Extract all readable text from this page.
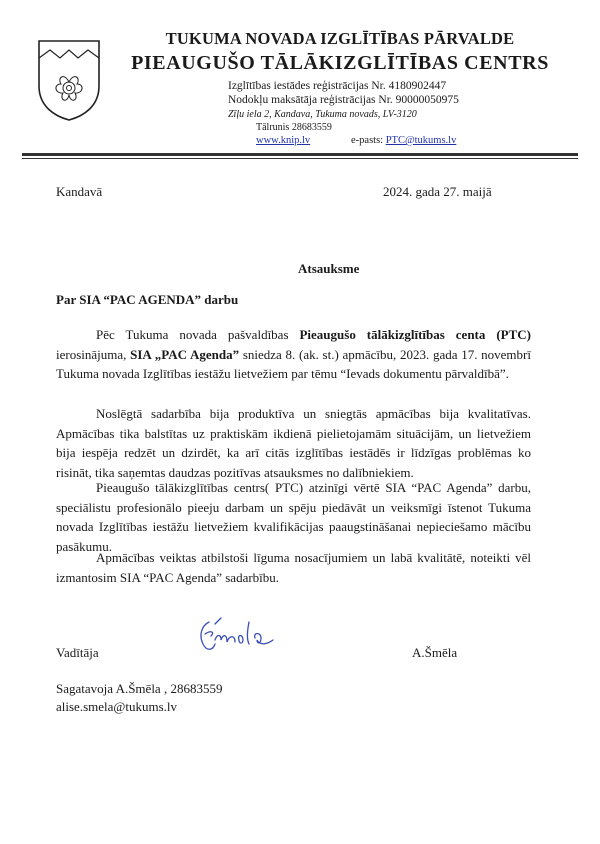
TUKUMA NOVADA IZGLĪTĪBAS PĀRVALDE
PIEAUGUŠO TĀLĀKIZGLĪTĪBAS CENTRS
Izglītības iestādes reģistrācijas Nr. 4180902447
Nodokļu maksātāja reģistrācijas Nr. 90000050975
Zīļu iela 2, Kandava, Tukuma novads, LV-3120
Tālrunis 28683559
www.knip.lv	e-pasts: PTC@tukums.lv
Kandavā	2024. gada 27. maijā
Atsauksme
Par SIA “PAC AGENDA” darbu
Pēc Tukuma novada pašvaldības Pieaugušo tālākizglītības centa (PTC) ierosinājuma, SIA „PAC Agenda” sniedza 8. (ak. st.) apmācību, 2023. gada 17. novembrī Tukuma novada Izglītības iestāžu lietvežiem par tēmu “Ievads dokumentu pārvaldībā”.
Noslēgtā sadarbība bija produktīva un sniegtās apmācības bija kvalitatīvas. Apmācības tika balstītas uz praktiskām ikdienā pielietojamām situācijām, un lietvežiem bija iespēja redzēt un dzirdēt, ka arī citās izglītības iestādēs ir līdzīgas problēmas ko risināt, tika saņemtas daudzas pozitīvas atsauksmes no dalībniekiem.
Pieaugušo tālākizglītības centrs( PTC) atzinīgi vērtē SIA “PAC Agenda” darbu, speciālistu profesionālo pieeju darbam un spēju piedāvāt un veiksmīgi īstenot Tukuma novada Izglītības iestāžu lietvežiem kvalifikācijas paaugstināšanai nepieciešamo mācību pasākumu.
Apmācības veiktas atbilstoši līguma nosacījumiem un labā kvalitātē, noteikti vēl izmantosim SIA “PAC Agenda” sadarbību.
Vadītāja	A.Šmēla
Sagatavoja A.Šmēla , 28683559
alise.smela@tukums.lv
